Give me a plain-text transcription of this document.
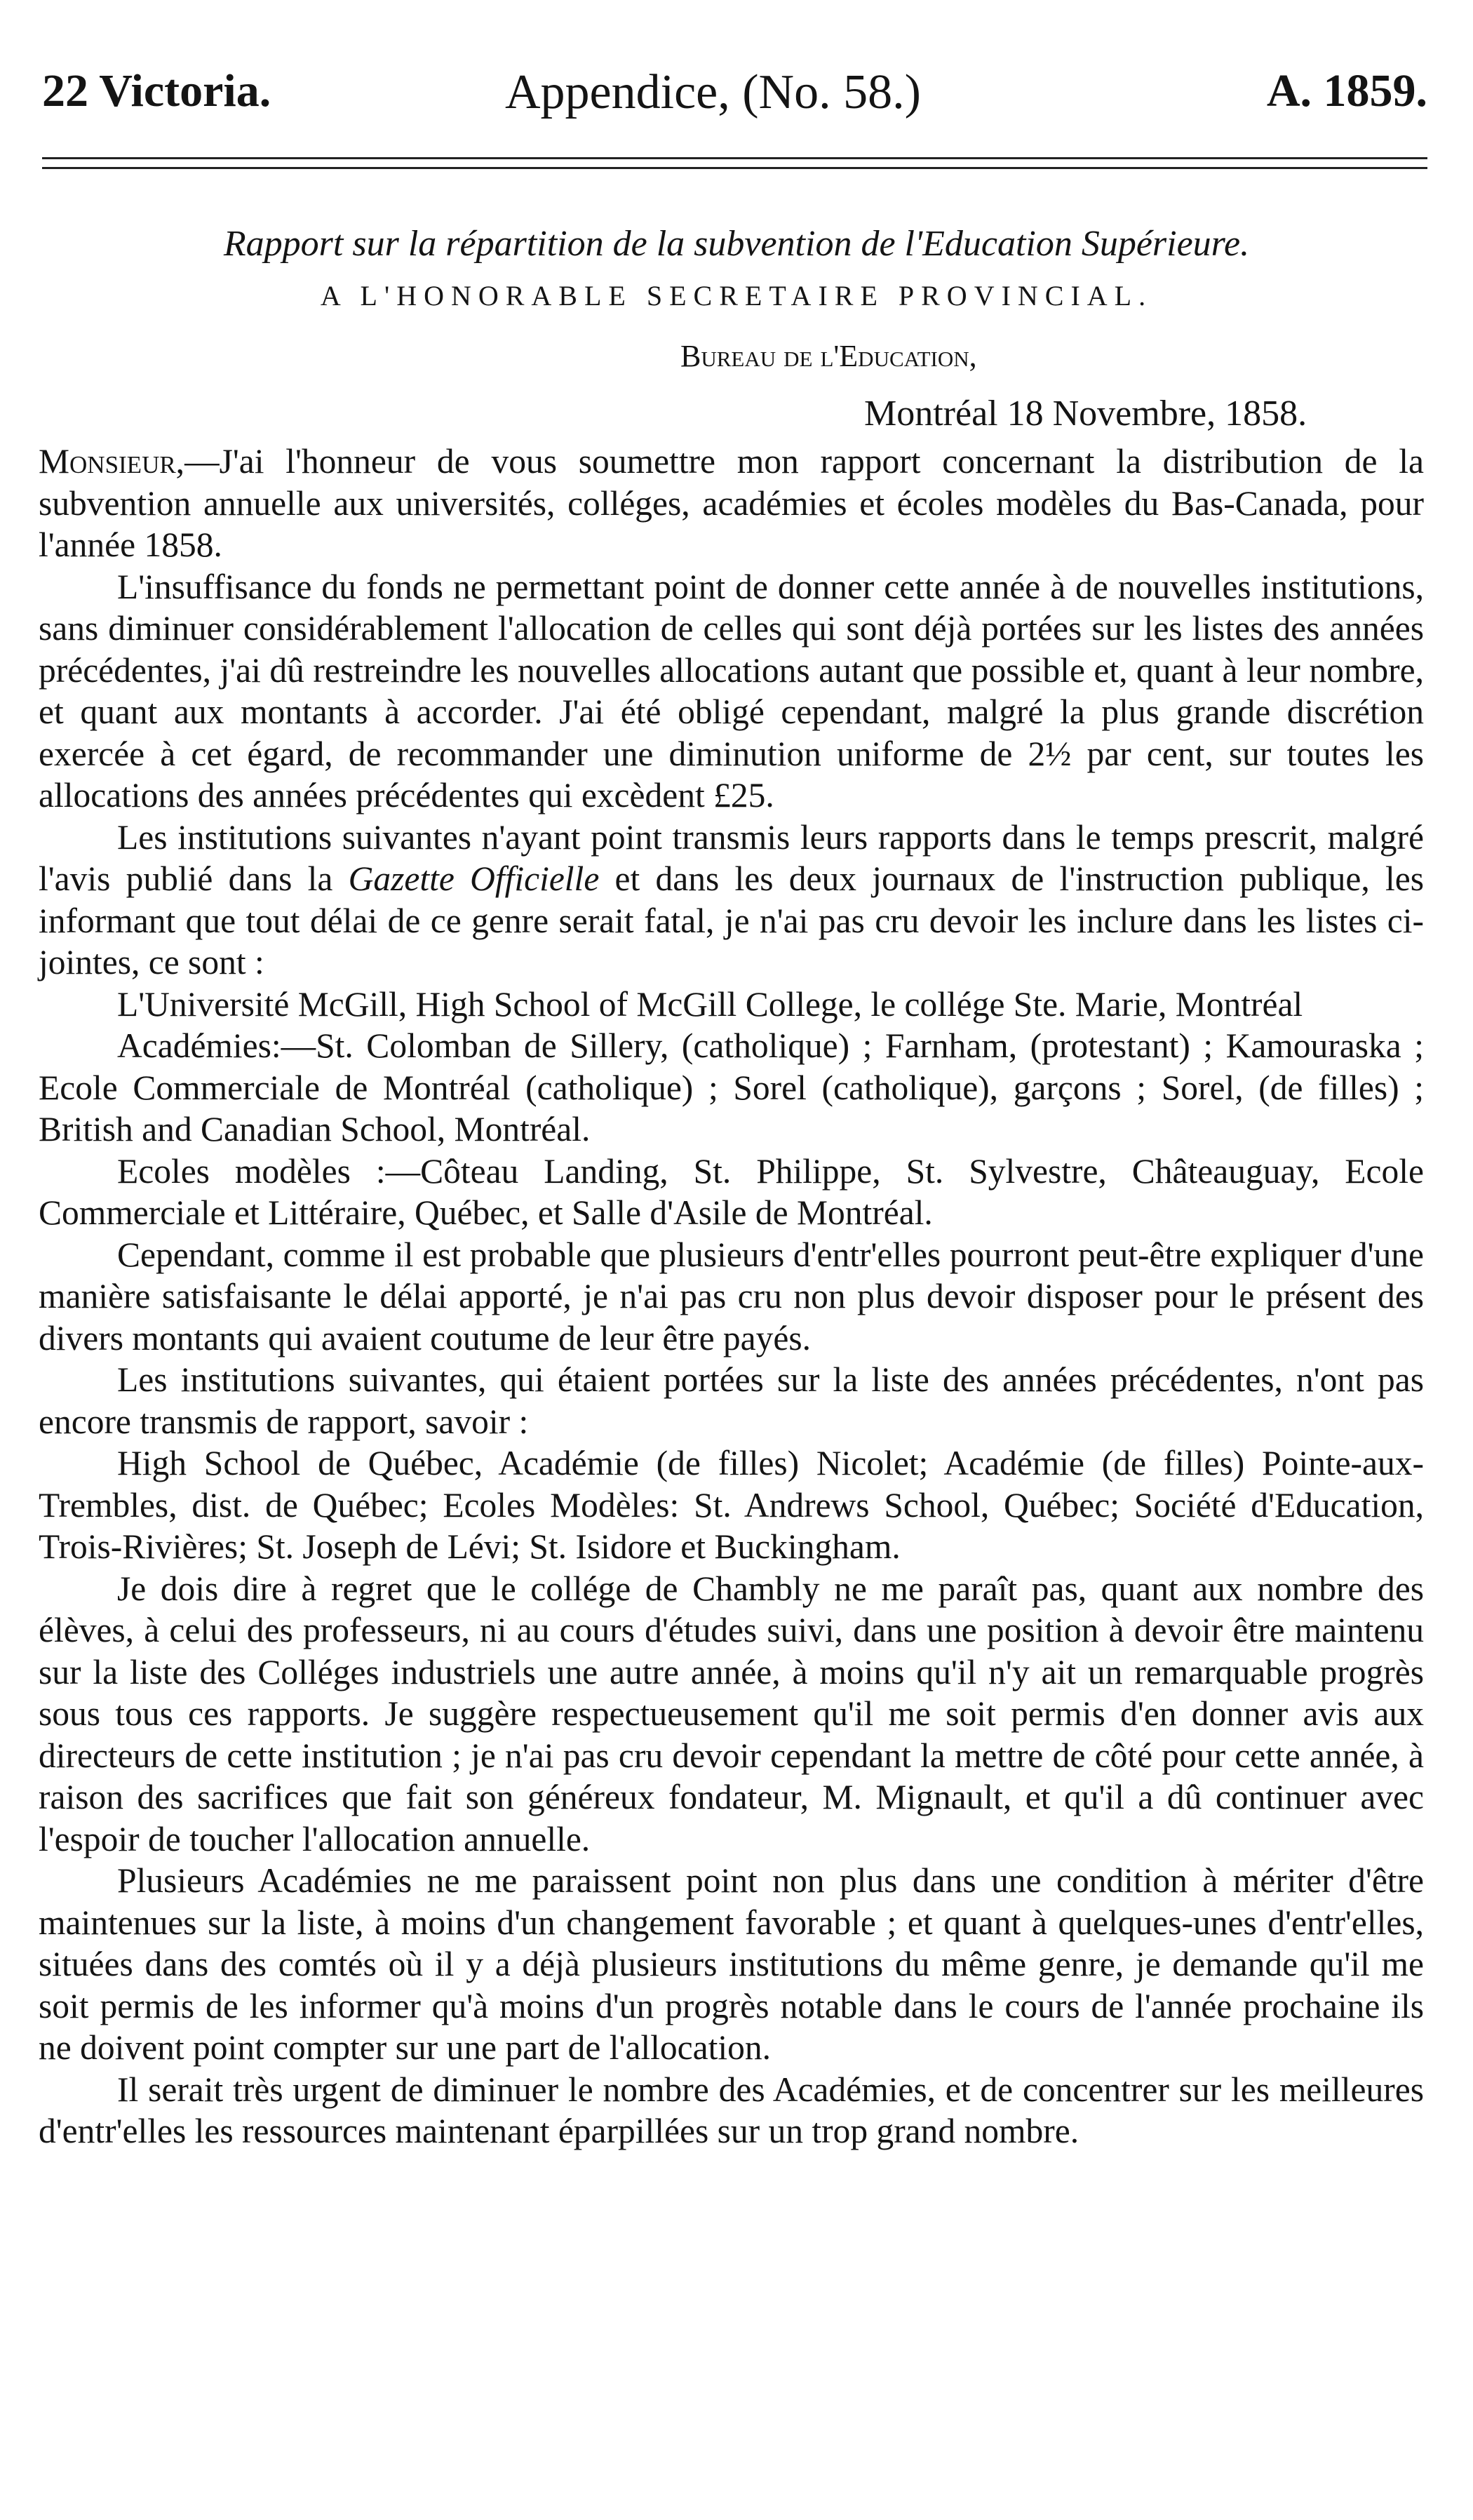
22 Victoria.	Appendice, (No. 58.)	A. 1859.
Rapport sur la répartition de la subvention de l'Education Supérieure.
A L'HONORABLE SECRETAIRE PROVINCIAL.
Bureau de l'Education,
Montréal 18 Novembre, 1858.

Monsieur,—J'ai l'honneur de vous soumettre mon rapport concernant la distribution de la subvention annuelle aux universités, colléges, académies et écoles modèles du Bas-Canada, pour l'année 1858.

L'insuffisance du fonds ne permettant point de donner cette année à de nouvelles institutions, sans diminuer considérablement l'allocation de celles qui sont déjà portées sur les listes des années précédentes, j'ai dû restreindre les nouvelles allocations autant que possible et, quant à leur nombre, et quant aux montants à accorder. J'ai été obligé cependant, malgré la plus grande discrétion exercée à cet égard, de recommander une diminution uniforme de 2½ par cent, sur toutes les allocations des années précédentes qui excèdent £25.

Les institutions suivantes n'ayant point transmis leurs rapports dans le temps prescrit, malgré l'avis publié dans la Gazette Officielle et dans les deux journaux de l'instruction publique, les informant que tout délai de ce genre serait fatal, je n'ai pas cru devoir les inclure dans les listes ci-jointes, ce sont :

L'Université McGill, High School of McGill College, le collége Ste. Marie, Montréal

Académies:—St. Colomban de Sillery, (catholique) ; Farnham, (protestant) ; Kamouraska ; Ecole Commerciale de Montréal (catholique) ; Sorel (catholique), garçons ; Sorel, (de filles) ; British and Canadian School, Montréal.

Ecoles modèles :—Côteau Landing, St. Philippe, St. Sylvestre, Châteauguay, Ecole Commerciale et Littéraire, Québec, et Salle d'Asile de Montréal.

Cependant, comme il est probable que plusieurs d'entr'elles pourront peut-être expliquer d'une manière satisfaisante le délai apporté, je n'ai pas cru non plus devoir disposer pour le présent des divers montants qui avaient coutume de leur être payés.

Les institutions suivantes, qui étaient portées sur la liste des années précédentes, n'ont pas encore transmis de rapport, savoir :

High School de Québec, Académie (de filles) Nicolet; Académie (de filles) Pointe-aux-Trembles, dist. de Québec; Ecoles Modèles: St. Andrews School, Québec; Société d'Education, Trois-Rivières; St. Joseph de Lévi; St. Isidore et Buckingham.

Je dois dire à regret que le collége de Chambly ne me paraît pas, quant aux nombre des élèves, à celui des professeurs, ni au cours d'études suivi, dans une position à devoir être maintenu sur la liste des Colléges industriels une autre année, à moins qu'il n'y ait un remarquable progrès sous tous ces rapports. Je suggère respectueusement qu'il me soit permis d'en donner avis aux directeurs de cette institution ; je n'ai pas cru devoir cependant la mettre de côté pour cette année, à raison des sacrifices que fait son généreux fondateur, M. Mignault, et qu'il a dû continuer avec l'espoir de toucher l'allocation annuelle.

Plusieurs Académies ne me paraissent point non plus dans une condition à mériter d'être maintenues sur la liste, à moins d'un changement favorable ; et quant à quelques-unes d'entr'elles, situées dans des comtés où il y a déjà plusieurs institutions du même genre, je demande qu'il me soit permis de les informer qu'à moins d'un progrès notable dans le cours de l'année prochaine ils ne doivent point compter sur une part de l'allocation.

Il serait très urgent de diminuer le nombre des Académies, et de concentrer sur les meilleures d'entr'elles les ressources maintenant éparpillées sur un trop grand nombre.
